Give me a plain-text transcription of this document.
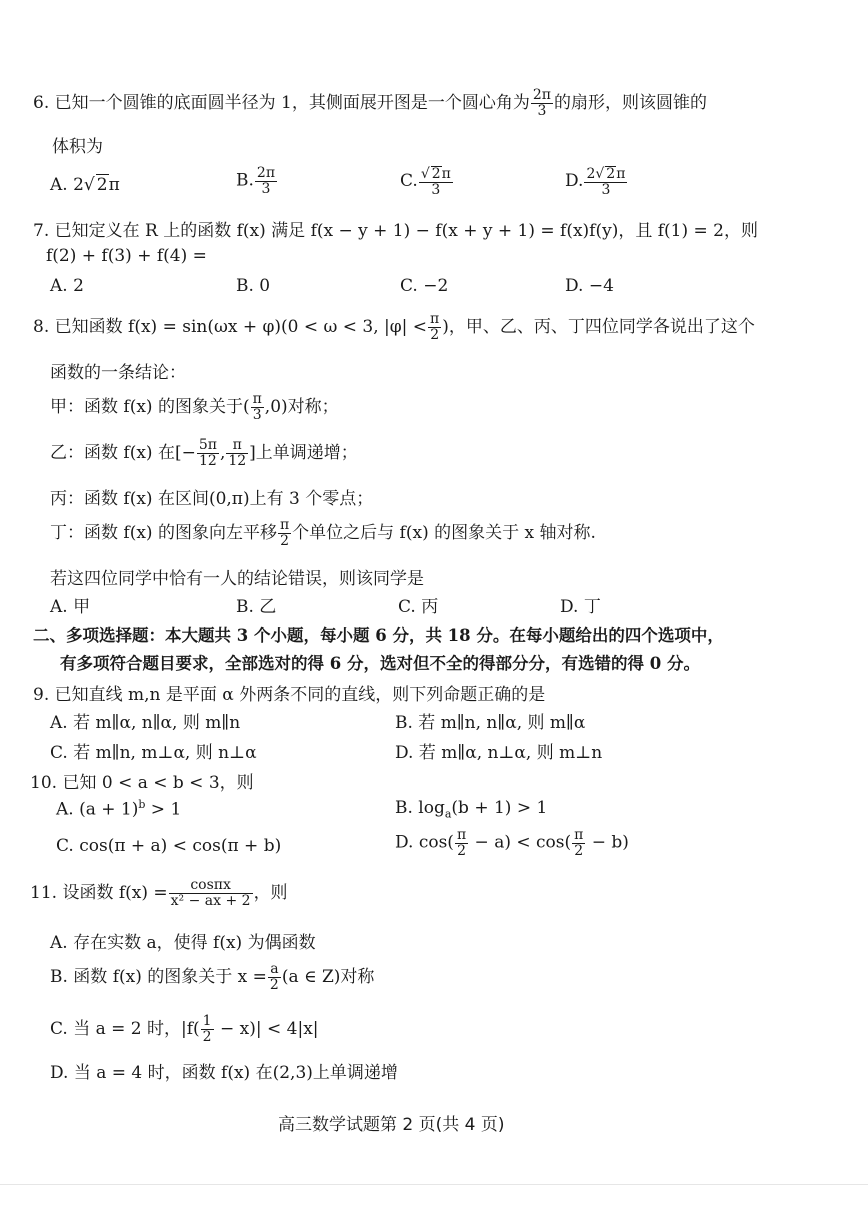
6. 已知一个圆锥的底面圆半径为 1，其侧面展开图是一个圆心角为 $\frac{2\pi}{3}$ 的扇形，则该圆锥的
体积为
A. 2√ 2π	B. $\frac{2\pi}{3}$	C. $\frac{√ 2\pi}{3}$	D. $\frac{2√ 2\pi}{3}$
7. 已知定义在 R 上的函数 f(x) 满足 f(x − y + 1) − f(x + y + 1) = f(x)f(y)，且 f(1) = 2，则
f(2) + f(3) + f(4) =
A. 2	B. 0	C. −2	D. −4
8. 已知函数 f(x) = sin(ωx + φ)(0 < ω < 3, $|\varphi| < \frac{\pi}{2}$ )，甲、乙、丙、丁四位同学各说出了这个
函数的一条结论：
甲：函数 f(x) 的图象关于( $\frac{\pi}{3} ,0$)对称；
乙：函数 f(x) 在[− $\frac{5\pi}{12}$ , $\frac{\pi}{12}$ ]上单调递增；
丙：函数 f(x) 在区间(0,π)上有 3 个零点；
丁：函数 f(x) 的图象向左平移 $\frac{\pi}{2}$ 个单位之后与 f(x) 的图象关于 x 轴对称.
若这四位同学中恰有一人的结论错误，则该同学是
A. 甲	B. 乙	C. 丙	D. 丁
二、多项选择题：本大题共 3 个小题，每小题 6 分，共 18 分。在每小题给出的四个选项中，
有多项符合题目要求，全部选对的得 6 分，选对但不全的得部分分，有选错的得 0 分。
9. 已知直线 m,n 是平面 α 外两条不同的直线，则下列命题正确的是
A. 若 m∥α, n∥α, 则 m∥n	B. 若 m∥n, n∥α, 则 m∥α
C. 若 m∥n, m⊥α, 则 n⊥α	D. 若 m∥α, n⊥α, 则 m⊥n
10. 已知 0 < a < b < 3，则
A. $(a + 1)^b > 1$	B. $\log_a(b + 1) > 1$
C. cos(π + a) < cos(π + b)	D. $\cos( \frac{\pi}{2} - a) < \cos( \frac{\pi}{2} - b)$
11. 设函数 $f(x) = \frac{\cos\pi x}{\text{x² − ax + 2}}$ ，则
A. 存在实数 a，使得 f(x) 为偶函数
B. 函数 f(x) 的图象关于 $x = \frac{a}{2} (a$ ∈ Z)对称
C. 当 a = 2 时，$|f( \frac{1}{2} - x)| < 4|x|$
D. 当 a = 4 时，函数 f(x) 在(2,3)上单调递增
高三数学试题第 2 页(共 4 页)
